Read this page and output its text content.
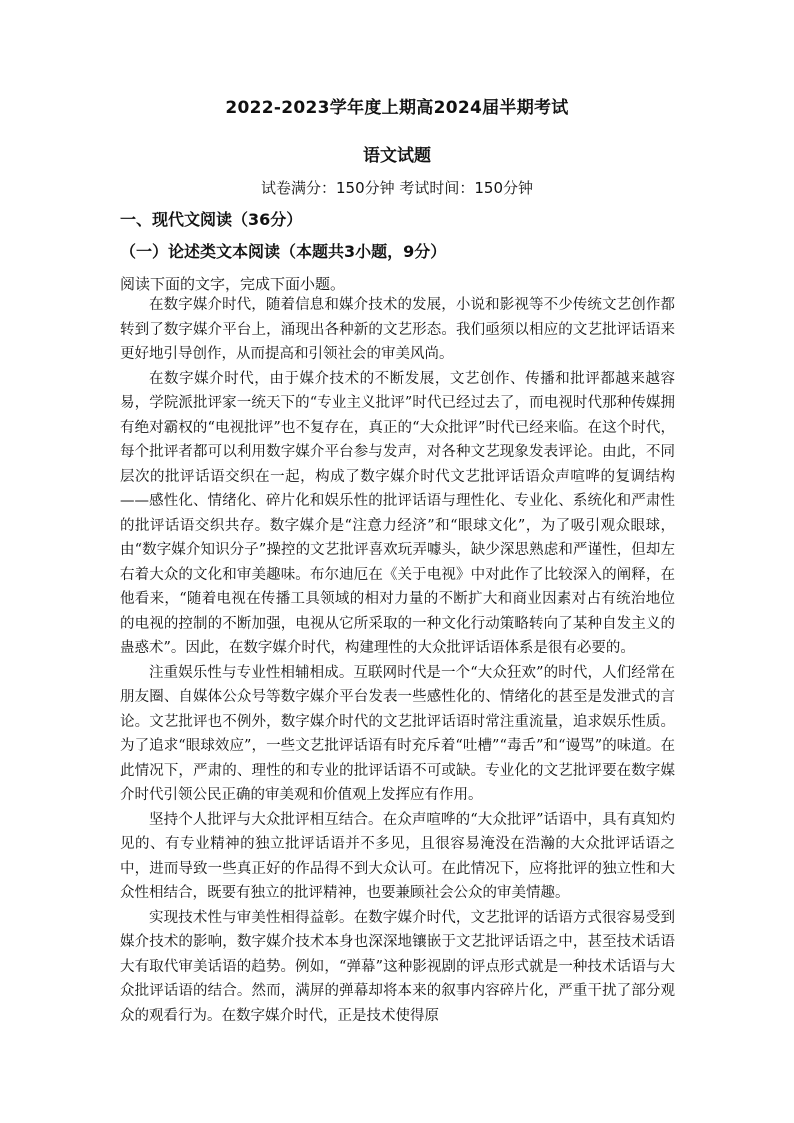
2022-2023学年度上期高2024届半期考试
语文试题
试卷满分：150分钟 考试时间：150分钟
一、现代文阅读（36分）
（一）论述类文本阅读（本题共3小题，9分）
阅读下面的文字，完成下面小题。

在数字媒介时代，随着信息和媒介技术的发展，小说和影视等不少传统文艺创作都转到了数字媒介平台上，涌现出各种新的文艺形态。我们亟须以相应的文艺批评话语来更好地引导创作，从而提高和引领社会的审美风尚。

在数字媒介时代，由于媒介技术的不断发展，文艺创作、传播和批评都越来越容易，学院派批评家一统天下的“专业主义批评”时代已经过去了，而电视时代那种传媒拥有绝对霸权的“电视批评”也不复存在，真正的“大众批评”时代已经来临。在这个时代，每个批评者都可以利用数字媒介平台参与发声，对各种文艺现象发表评论。由此，不同层次的批评话语交织在一起，构成了数字媒介时代文艺批评话语众声喧哗的复调结构——感性化、情绪化、碎片化和娱乐性的批评话语与理性化、专业化、系统化和严肃性的批评话语交织共存。数字媒介是“注意力经济”和“眼球文化”，为了吸引观众眼球，由“数字媒介知识分子”操控的文艺批评喜欢玩弄噱头，缺少深思熟虑和严谨性，但却左右着大众的文化和审美趣味。布尔迪厄在《关于电视》中对此作了比较深入的阐释，在他看来，“随着电视在传播工具领域的相对力量的不断扩大和商业因素对占有统治地位的电视的控制的不断加强，电视从它所采取的一种文化行动策略转向了某种自发主义的蛊惑术”。因此，在数字媒介时代，构建理性的大众批评话语体系是很有必要的。

注重娱乐性与专业性相辅相成。互联网时代是一个“大众狂欢”的时代，人们经常在朋友圈、自媒体公众号等数字媒介平台发表一些感性化的、情绪化的甚至是发泄式的言论。文艺批评也不例外，数字媒介时代的文艺批评话语时常注重流量，追求娱乐性质。为了追求“眼球效应”，一些文艺批评话语有时充斥着“吐槽”“毒舌”和“谩骂”的味道。在此情况下，严肃的、理性的和专业的批评话语不可或缺。专业化的文艺批评要在数字媒介时代引领公民正确的审美观和价值观上发挥应有作用。

坚持个人批评与大众批评相互结合。在众声喧哗的“大众批评”话语中，具有真知灼见的、有专业精神的独立批评话语并不多见，且很容易淹没在浩瀚的大众批评话语之中，进而导致一些真正好的作品得不到大众认可。在此情况下，应将批评的独立性和大众性相结合，既要有独立的批评精神，也要兼顾社会公众的审美情趣。

实现技术性与审美性相得益彰。在数字媒介时代，文艺批评的话语方式很容易受到媒介技术的影响，数字媒介技术本身也深深地镶嵌于文艺批评话语之中，甚至技术话语大有取代审美话语的趋势。例如，“弹幕”这种影视剧的评点形式就是一种技术话语与大众批评话语的结合。然而，满屏的弹幕却将本来的叙事内容碎片化，严重干扰了部分观众的观看行为。在数字媒介时代，正是技术使得原
